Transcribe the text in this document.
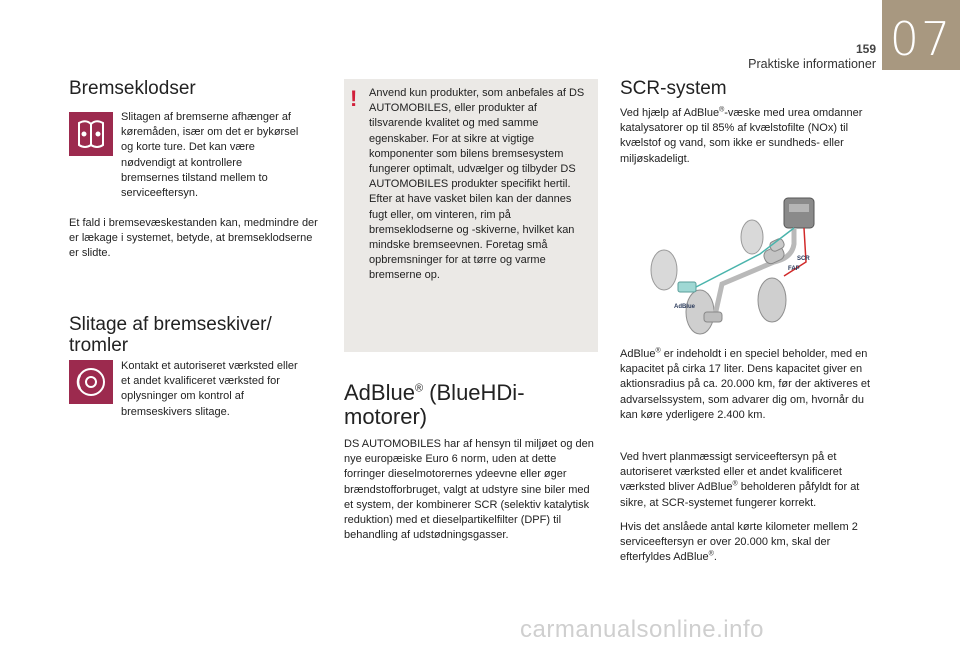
07
159
Praktiske informationer
Bremseklodser
Slitagen af bremserne afhænger af køremåden, især om det er bykørsel og korte ture. Det kan være nødvendigt at kontrollere bremsernes tilstand mellem to serviceeftersyn.
Et fald i bremsevæskestanden kan, medmindre der er lækage i systemet, betyde, at bremseklodserne er slidte.
Slitage af bremseskiver/
tromler
Kontakt et autoriseret værksted eller et andet kvalificeret værksted for oplysninger om kontrol af bremseskivers slitage.
! Anvend kun produkter, som anbefales af DS AUTOMOBILES, eller produkter af tilsvarende kvalitet og med samme egenskaber. For at sikre at vigtige komponenter som bilens bremsesystem fungerer optimalt, udvælger og tilbyder DS AUTOMOBILES produkter specifikt hertil. Efter at have vasket bilen kan der dannes fugt eller, om vinteren, rim på bremseklodserne og -skiverne, hvilket kan mindske bremseevnen. Foretag små opbremsninger for at tørre og varme bremserne op.
AdBlue® (BlueHDi-
motorer)
DS AUTOMOBILES har af hensyn til miljøet og den nye europæiske Euro 6 norm, uden at dette forringer dieselmotorernes ydeevne eller øger brændstofforbruget, valgt at udstyre sine biler med et system, der kombinerer SCR (selektiv katalytisk reduktion) med et dieselpartikelfilter (DPF) til behandling af udstødningsgasser.
SCR-system
Ved hjælp af AdBlue®-væske med urea omdanner katalysatorer op til 85% af kvælstofilte (NOx) til kvælstof og vand, som ikke er sundheds- eller miljøskadeligt.
SCR
FAP
AdBlue
AdBlue® er indeholdt i en speciel beholder, med en kapacitet på cirka 17 liter. Dens kapacitet giver en aktionsradius på ca. 20.000 km, før der aktiveres et advarselssystem, som advarer dig om, hvornår du kan køre yderligere 2.400 km.
Ved hvert planmæssigt serviceeftersyn på et autoriseret værksted eller et andet kvalificeret værksted bliver AdBlue® beholderen påfyldt for at sikre, at SCR-systemet fungerer korrekt.
Hvis det anslåede antal kørte kilometer mellem 2 serviceeftersyn er over 20.000 km, skal der efterfyldes AdBlue®.
carmanualsonline.info
